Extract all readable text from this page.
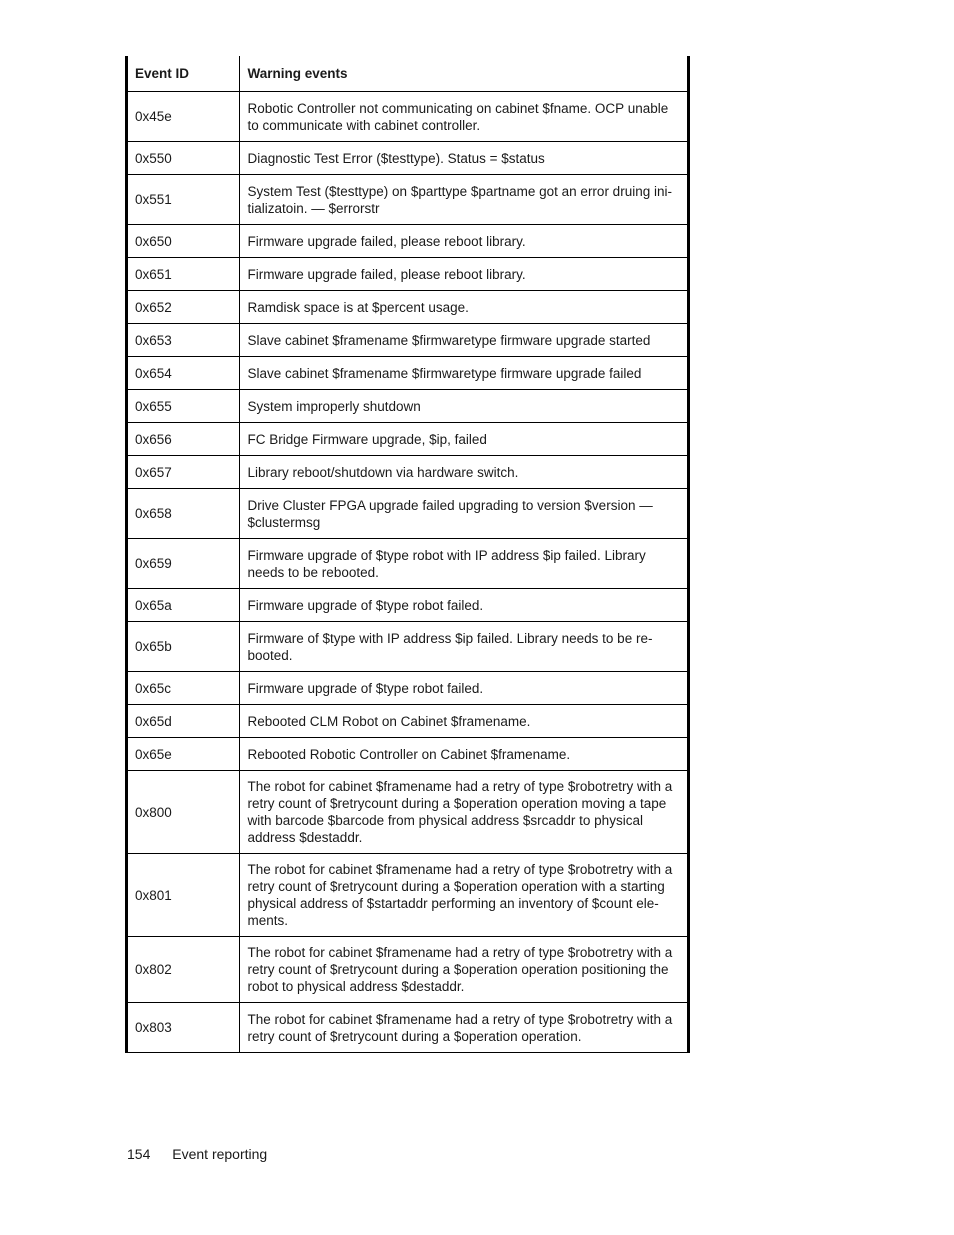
Event ID	Warning events
0x45e	Robotic Controller not communicating on cabinet $fname. OCP unable to communicate with cabinet controller.
0x550	Diagnostic Test Error ($testtype). Status = $status
0x551	System Test ($testtype) on $parttype $partname got an error druing ini-tializatoin. — $errorstr
0x650	Firmware upgrade failed, please reboot library.
0x651	Firmware upgrade failed, please reboot library.
0x652	Ramdisk space is at $percent usage.
0x653	Slave cabinet $framename $firmwaretype firmware upgrade started
0x654	Slave cabinet $framename $firmwaretype firmware upgrade failed
0x655	System improperly shutdown
0x656	FC Bridge Firmware upgrade, $ip, failed
0x657	Library reboot/shutdown via hardware switch.
0x658	Drive Cluster FPGA upgrade failed upgrading to version $version — $clustermsg
0x659	Firmware upgrade of $type robot with IP address $ip failed. Library needs to be rebooted.
0x65a	Firmware upgrade of $type robot failed.
0x65b	Firmware of $type with IP address $ip failed. Library needs to be re-booted.
0x65c	Firmware upgrade of $type robot failed.
0x65d	Rebooted CLM Robot on Cabinet $framename.
0x65e	Rebooted Robotic Controller on Cabinet $framename.
0x800	The robot for cabinet $framename had a retry of type $robotretry with a retry count of $retrycount during a $operation operation moving a tape with barcode $barcode from physical address $srcaddr to physical address $destaddr.
0x801	The robot for cabinet $framename had a retry of type $robotretry with a retry count of $retrycount during a $operation operation with a starting physical address of $startaddr performing an inventory of $count ele-ments.
0x802	The robot for cabinet $framename had a retry of type $robotretry with a retry count of $retrycount during a $operation operation positioning the robot to physical address $destaddr.
0x803	The robot for cabinet $framename had a retry of type $robotretry with a retry count of $retrycount during a $operation operation.
154 Event reporting
